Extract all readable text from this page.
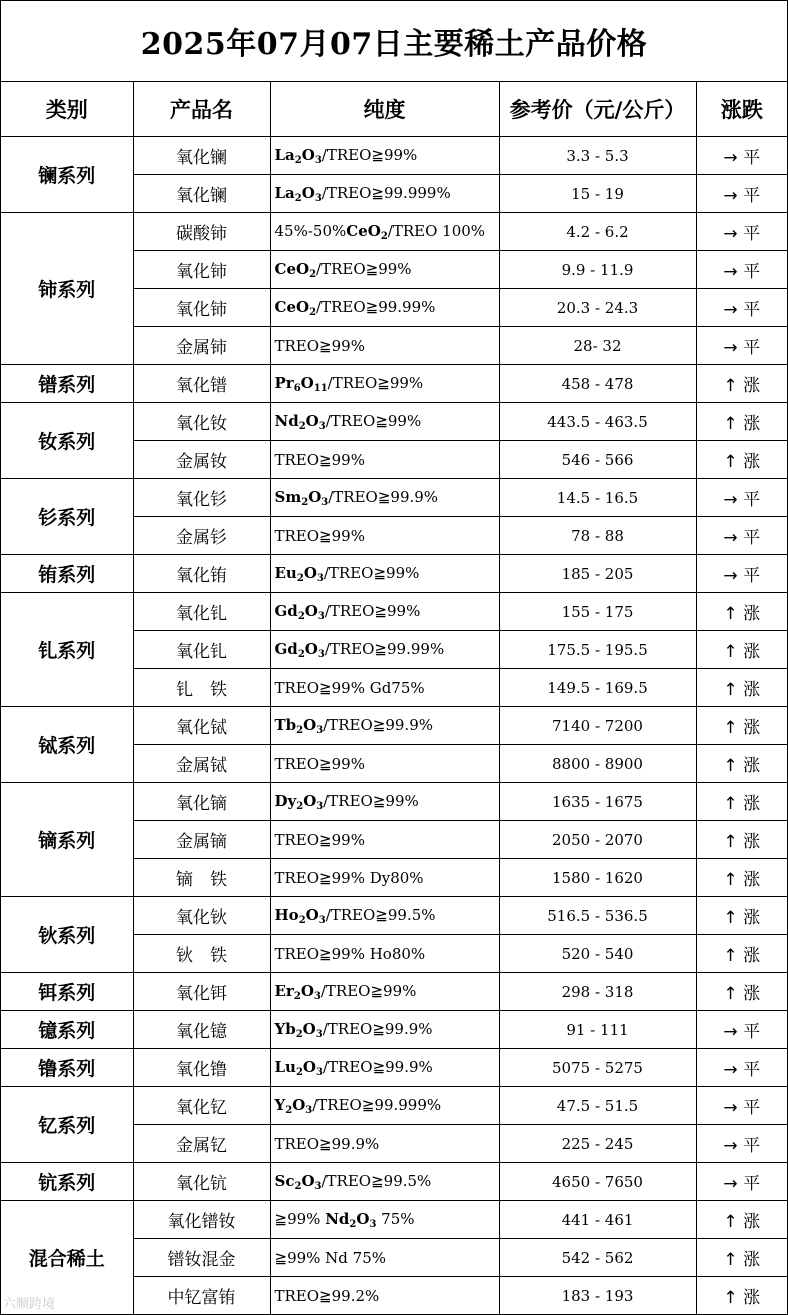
2025年07月07日主要稀土产品价格
类别	产品名	纯度	参考价（元/公斤）	涨跌
镧系列	氧化镧	$La_2O_3/TREO≧99\%$	3.3 - 5.3	→ 平
	氧化镧	$La_2O_3/TREO≧99.999\%$	15 - 19	→ 平
铈系列	碳酸铈	45%-50%CeO$_2$/TREO 100%	4.2 - 6.2	→ 平
	氧化铈	CeO$_2$/TREO≧99%	9.9 - 11.9	→ 平
	氧化铈	CeO$_2$/TREO≧99.99%	20.3 - 24.3	→ 平
	金属铈	TREO≧99%	28- 32	→ 平
镨系列	氧化镨	$Pr_6O_{11}/TREO≧99\%$	458 - 478	↑ 涨
钕系列	氧化钕	$Nd_2O_3/TREO≧99\%$	443.5 - 463.5	↑ 涨
	金属钕	TREO≧99%	546 - 566	↑ 涨
钐系列	氧化钐	$Sm_2O_3/TREO≧99.9\%$	14.5 - 16.5	→ 平
	金属钐	TREO≧99%	78 - 88	→ 平
铕系列	氧化铕	$Eu_2O_3/TREO≧99\%$	185 - 205	→ 平
钆系列	氧化钆	$Gd_2O_3/TREO≧99\%$	155 - 175	↑ 涨
	氧化钆	$Gd_2O_3/TREO≧99.99\%$	175.5 - 195.5	↑ 涨
	钆　铁	TREO≧99% Gd75%	149.5 - 169.5	↑ 涨
铽系列	氧化铽	$Tb_2O_3/TREO≧99.9\%$	7140 - 7200	↑ 涨
	金属铽	TREO≧99%	8800 - 8900	↑ 涨
镝系列	氧化镝	$Dy_2O_3/TREO≧99\%$	1635 - 1675	↑ 涨
	金属镝	TREO≧99%	2050 - 2070	↑ 涨
	镝　铁	TREO≧99% Dy80%	1580 - 1620	↑ 涨
钬系列	氧化钬	$Ho_2O_3/TREO≧99.5\%$	516.5 - 536.5	↑ 涨
	钬　铁	TREO≧99% Ho80%	520 - 540	↑ 涨
铒系列	氧化铒	$Er_2O_3/TREO≧99\%$	298 - 318	↑ 涨
镱系列	氧化镱	$Yb_2O_3/TREO≧99.9\%$	91 - 111	→ 平
镥系列	氧化镥	$Lu_2O_3/TREO≧99.9\%$	5075 - 5275	→ 平
钇系列	氧化钇	$Y_2O_3/TREO≧99.999\%$	47.5 - 51.5	→ 平
	金属钇	TREO≧99.9%	225 - 245	→ 平
钪系列	氧化钪	$Sc_2O_3/TREO≧99.5\%$	4650 - 7650	→ 平
混合稀土	氧化镨钕	≧99% $Nd_2O_3$ 75%	441 - 461	↑ 涨
	镨钕混金	≧99% Nd 75%	542 - 562	↑ 涨
	中钇富铕	TREO≧99.2%	183 - 193	↑ 涨
六顺跨境
